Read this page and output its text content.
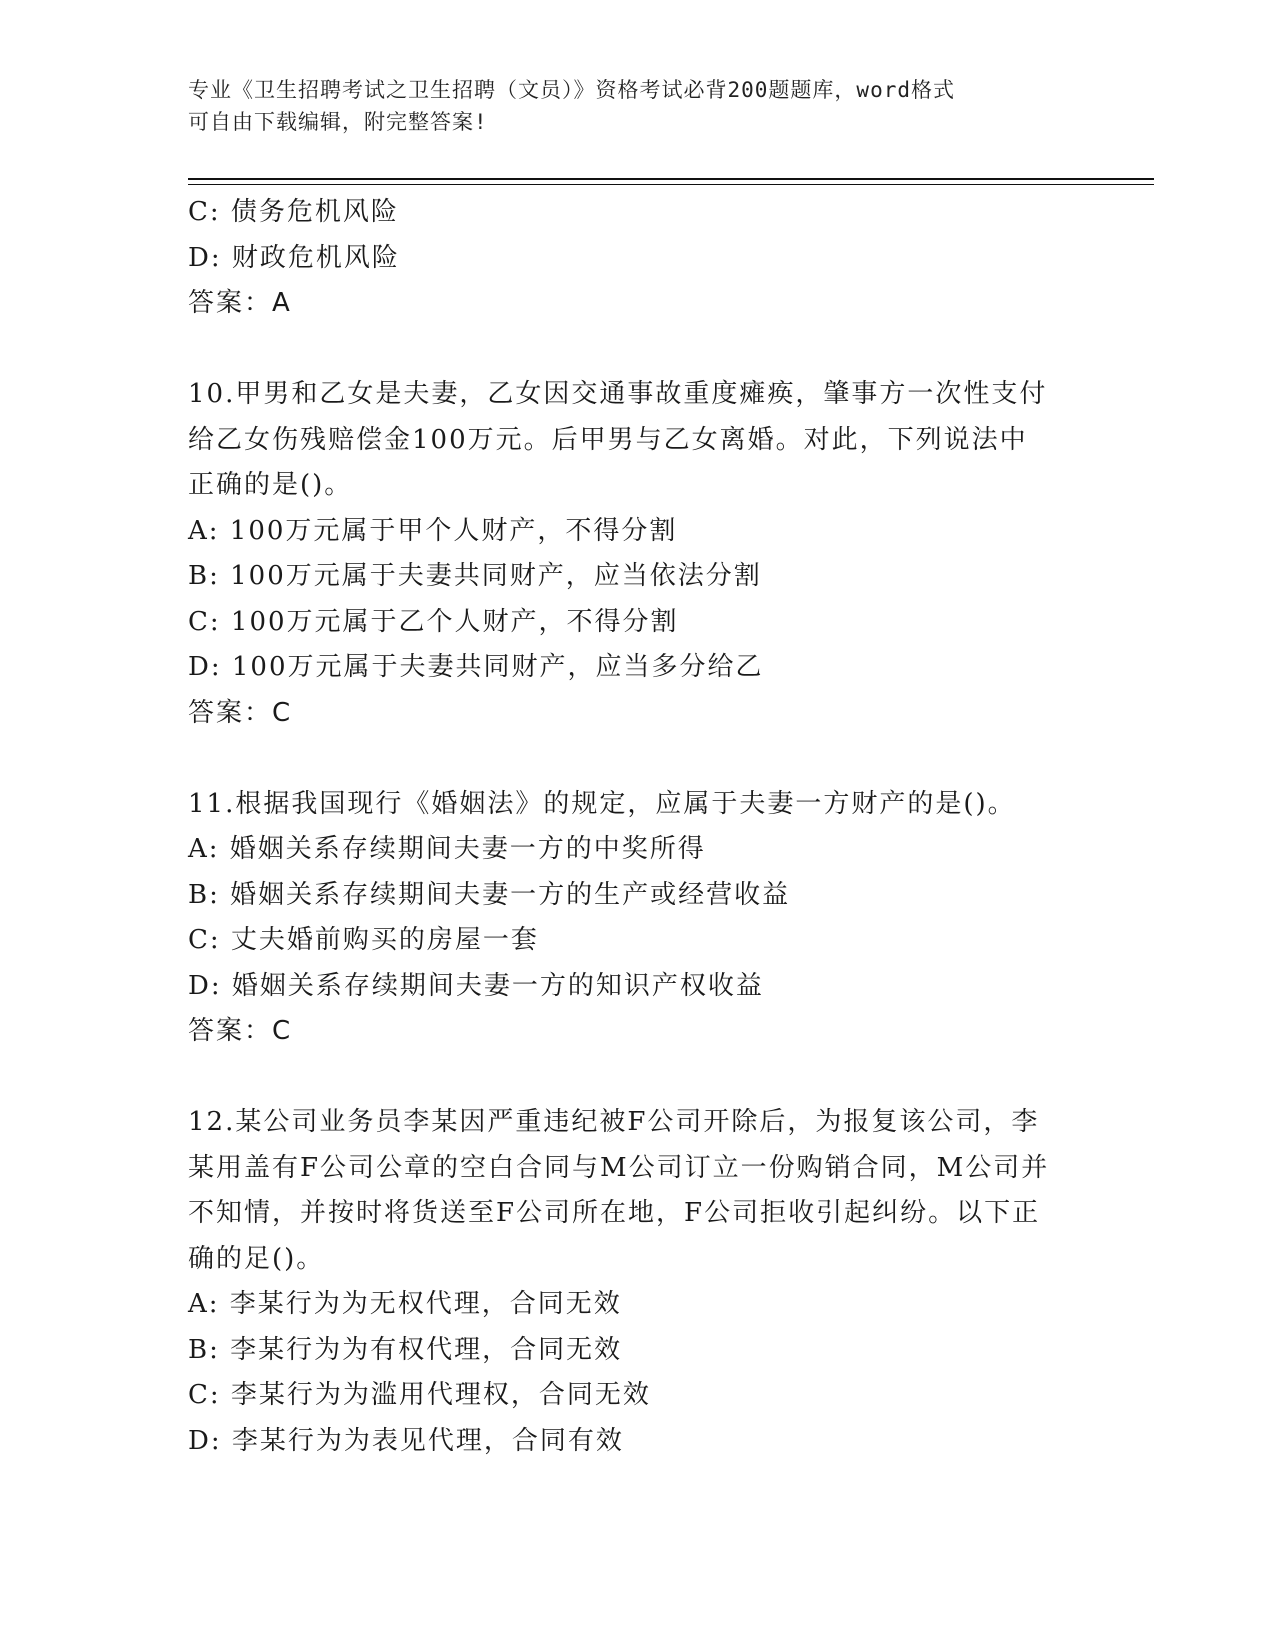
专业《卫生招聘考试之卫生招聘（文员）》资格考试必背200题题库，word格式
可自由下载编辑，附完整答案!
C: 债务危机风险
D: 财政危机风险
答案：A
10.甲男和乙女是夫妻，乙女因交通事故重度瘫痪，肇事方一次性支付
给乙女伤残赔偿金100万元。后甲男与乙女离婚。对此，下列说法中
正确的是()。
A: 100万元属于甲个人财产，不得分割
B: 100万元属于夫妻共同财产，应当依法分割
C: 100万元属于乙个人财产，不得分割
D: 100万元属于夫妻共同财产，应当多分给乙
答案：C
11.根据我国现行《婚姻法》的规定，应属于夫妻一方财产的是()。
A: 婚姻关系存续期间夫妻一方的中奖所得
B: 婚姻关系存续期间夫妻一方的生产或经营收益
C: 丈夫婚前购买的房屋一套
D: 婚姻关系存续期间夫妻一方的知识产权收益
答案：C
12.某公司业务员李某因严重违纪被F公司开除后，为报复该公司，李
某用盖有F公司公章的空白合同与M公司订立一份购销合同，M公司并
不知情，并按时将货送至F公司所在地，F公司拒收引起纠纷。以下正
确的足()。
A: 李某行为为无权代理，合同无效
B: 李某行为为有权代理，合同无效
C: 李某行为为滥用代理权，合同无效
D: 李某行为为表见代理，合同有效
